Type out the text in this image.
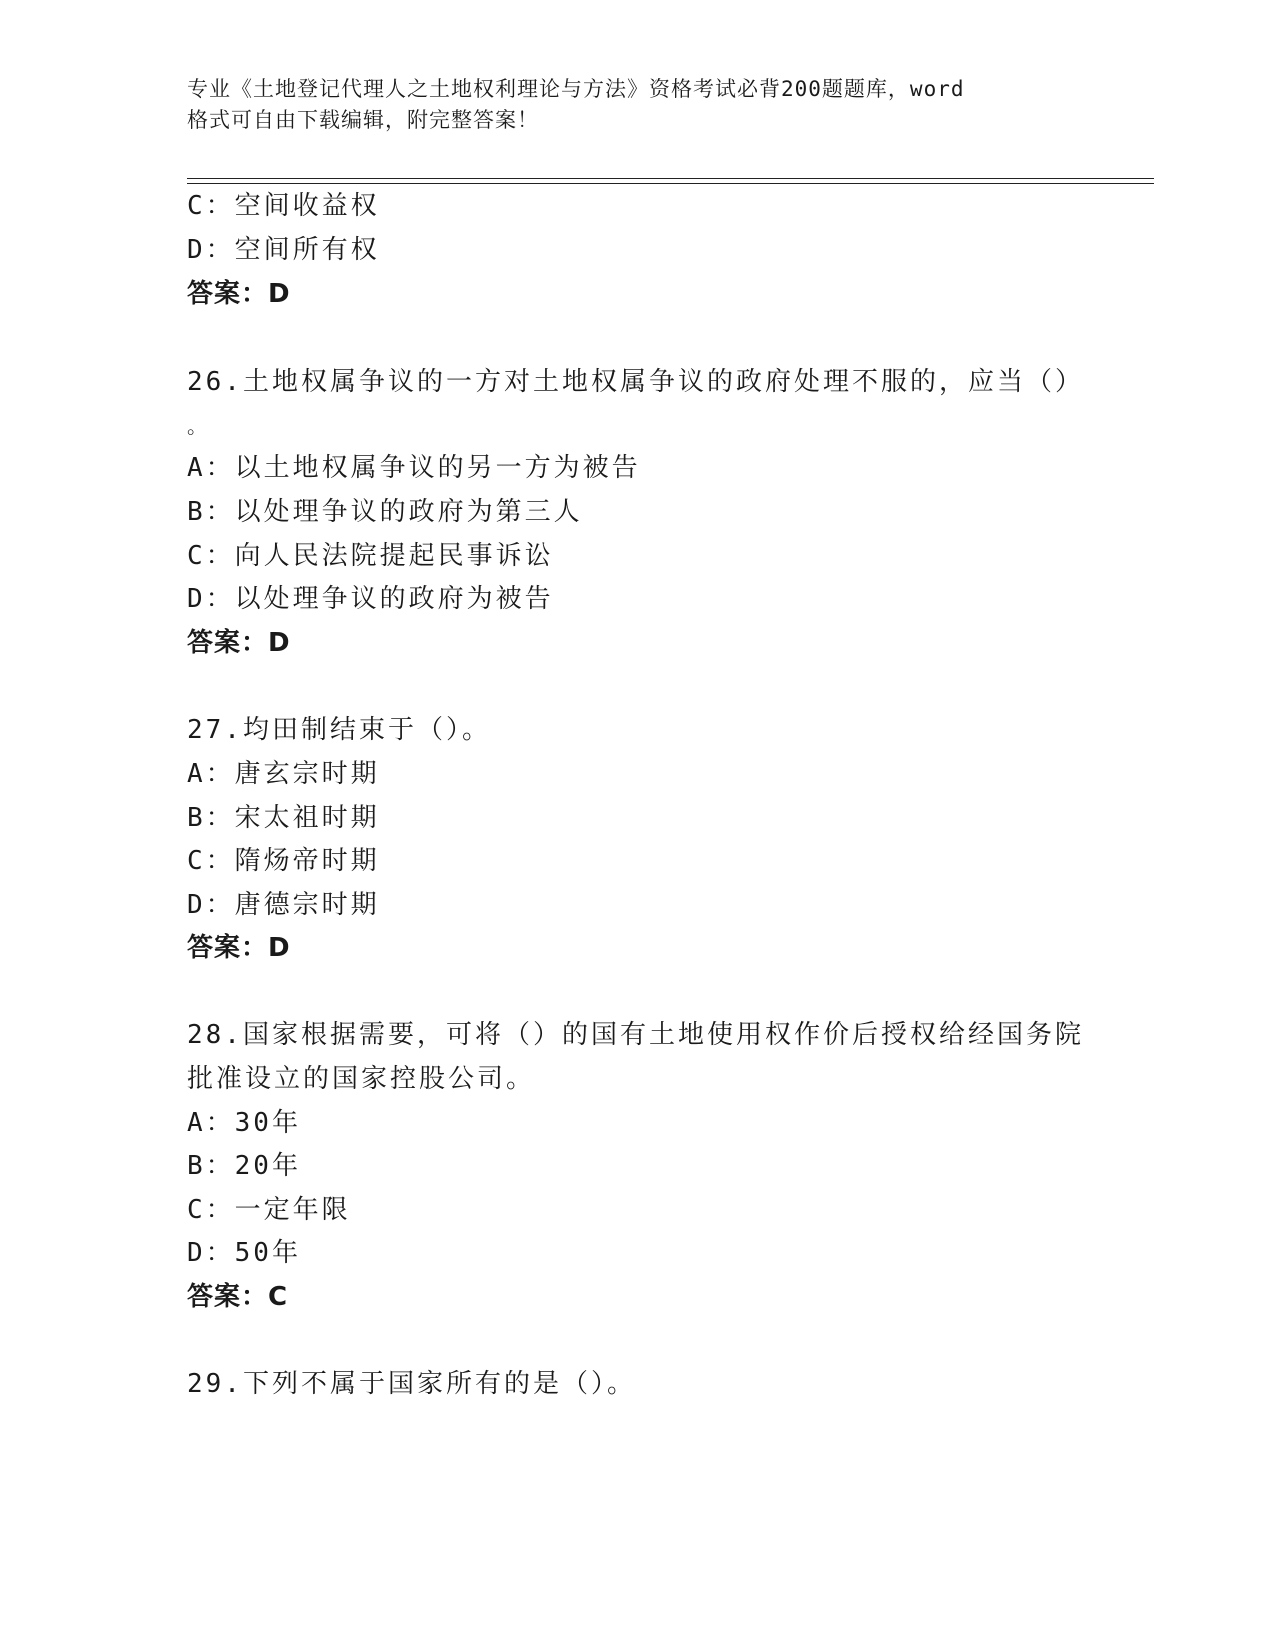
专业《土地登记代理人之土地权利理论与方法》资格考试必背200题题库，word
格式可自由下载编辑，附完整答案！
C：空间收益权
D：空间所有权
答案：D
26.土地权属争议的一方对土地权属争议的政府处理不服的，应当（）
。
A：以土地权属争议的另一方为被告
B：以处理争议的政府为第三人
C：向人民法院提起民事诉讼
D：以处理争议的政府为被告
答案：D
27.均田制结束于（）。
A：唐玄宗时期
B：宋太祖时期
C：隋炀帝时期
D：唐德宗时期
答案：D
28.国家根据需要，可将（）的国有土地使用权作价后授权给经国务院
批准设立的国家控股公司。
A：30年
B：20年
C：一定年限
D：50年
答案：C
29.下列不属于国家所有的是（）。
